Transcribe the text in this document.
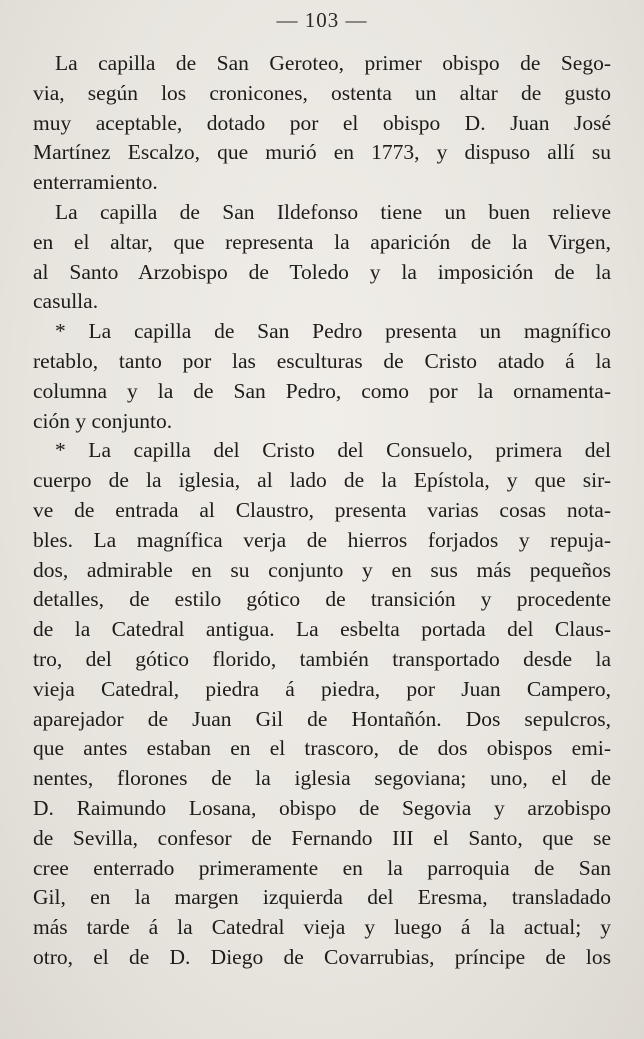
— 103 —
La capilla de San Geroteo, primer obispo de Sego-
via, según los cronicones, ostenta un altar de gusto
muy aceptable, dotado por el obispo D. Juan José
Martínez Escalzo, que murió en 1773, y dispuso allí su
enterramiento.
La capilla de San Ildefonso tiene un buen relieve
en el altar, que representa la aparición de la Virgen,
al Santo Arzobispo de Toledo y la imposición de la
casulla.
* La capilla de San Pedro presenta un magnífico
retablo, tanto por las esculturas de Cristo atado á la
columna y la de San Pedro, como por la ornamenta-
ción y conjunto.
* La capilla del Cristo del Consuelo, primera del
cuerpo de la iglesia, al lado de la Epístola, y que sir-
ve de entrada al Claustro, presenta varias cosas nota-
bles. La magnífica verja de hierros forjados y repuja-
dos, admirable en su conjunto y en sus más pequeños
detalles, de estilo gótico de transición y procedente
de la Catedral antigua. La esbelta portada del Claus-
tro, del gótico florido, también transportado desde la
vieja Catedral, piedra á piedra, por Juan Campero,
aparejador de Juan Gil de Hontañón. Dos sepulcros,
que antes estaban en el trascoro, de dos obispos emi-
nentes, florones de la iglesia segoviana; uno, el de
D. Raimundo Losana, obispo de Segovia y arzobispo
de Sevilla, confesor de Fernando III el Santo, que se
cree enterrado primeramente en la parroquia de San
Gil, en la margen izquierda del Eresma, transladado
más tarde á la Catedral vieja y luego á la actual; y
otro, el de D. Diego de Covarrubias, príncipe de los
